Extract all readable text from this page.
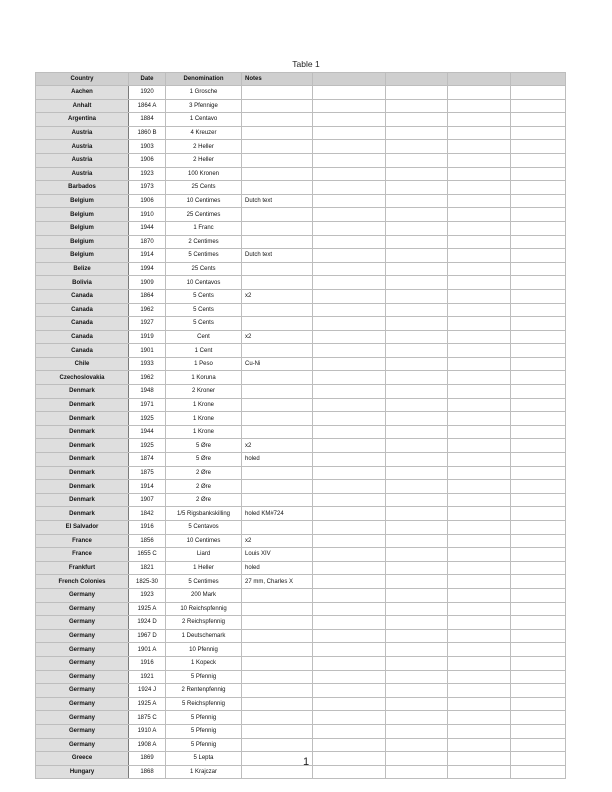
Table 1
Country	Date	Denomination	Notes				
Aachen	1920	1 Grosche					
Anhalt	1864 A	3 Pfennige					
Argentina	1884	1 Centavo					
Austria	1860 B	4 Kreuzer					
Austria	1903	2 Heller					
Austria	1906	2 Heller					
Austria	1923	100 Kronen					
Barbados	1973	25 Cents					
Belgium	1906	10 Centimes	Dutch text				
Belgium	1910	25 Centimes					
Belgium	1944	1 Franc					
Belgium	1870	2 Centimes					
Belgium	1914	5 Centimes	Dutch text				
Belize	1994	25 Cents					
Bolivia	1909	10 Centavos					
Canada	1864	5 Cents	x2				
Canada	1962	5 Cents					
Canada	1927	5 Cents					
Canada	1919	Cent	x2				
Canada	1901	1 Cent					
Chile	1933	1 Peso	Cu-Ni				
Czechoslovakia	1962	1 Koruna					
Denmark	1948	2 Kroner					
Denmark	1971	1 Krone					
Denmark	1925	1 Krone					
Denmark	1944	1 Krone					
Denmark	1925	5 Øre	x2				
Denmark	1874	5 Øre	holed				
Denmark	1875	2 Øre					
Denmark	1914	2 Øre					
Denmark	1907	2 Øre					
Denmark	1842	1/5 Rigsbankskilling	holed KM#724				
El Salvador	1916	5 Centavos					
France	1856	10 Centimes	x2				
France	1655 C	Liard	Louis XIV				
Frankfurt	1821	1 Heller	holed				
French Colonies	1825-30	5 Centimes	27 mm, Charles X				
Germany	1923	200 Mark					
Germany	1925 A	10 Reichspfennig					
Germany	1924 D	2 Reichspfennig					
Germany	1967 D	1 Deutschemark					
Germany	1901 A	10 Pfennig					
Germany	1916	1 Kopeck					
Germany	1921	5 Pfennig					
Germany	1924 J	2 Rentenpfennig					
Germany	1925 A	5 Reichspfennig					
Germany	1875 C	5 Pfennig					
Germany	1910 A	5 Pfennig					
Germany	1908 A	5 Pfennig					
Greece	1869	5 Lepta					
Hungary	1868	1 Krajczar					
1
